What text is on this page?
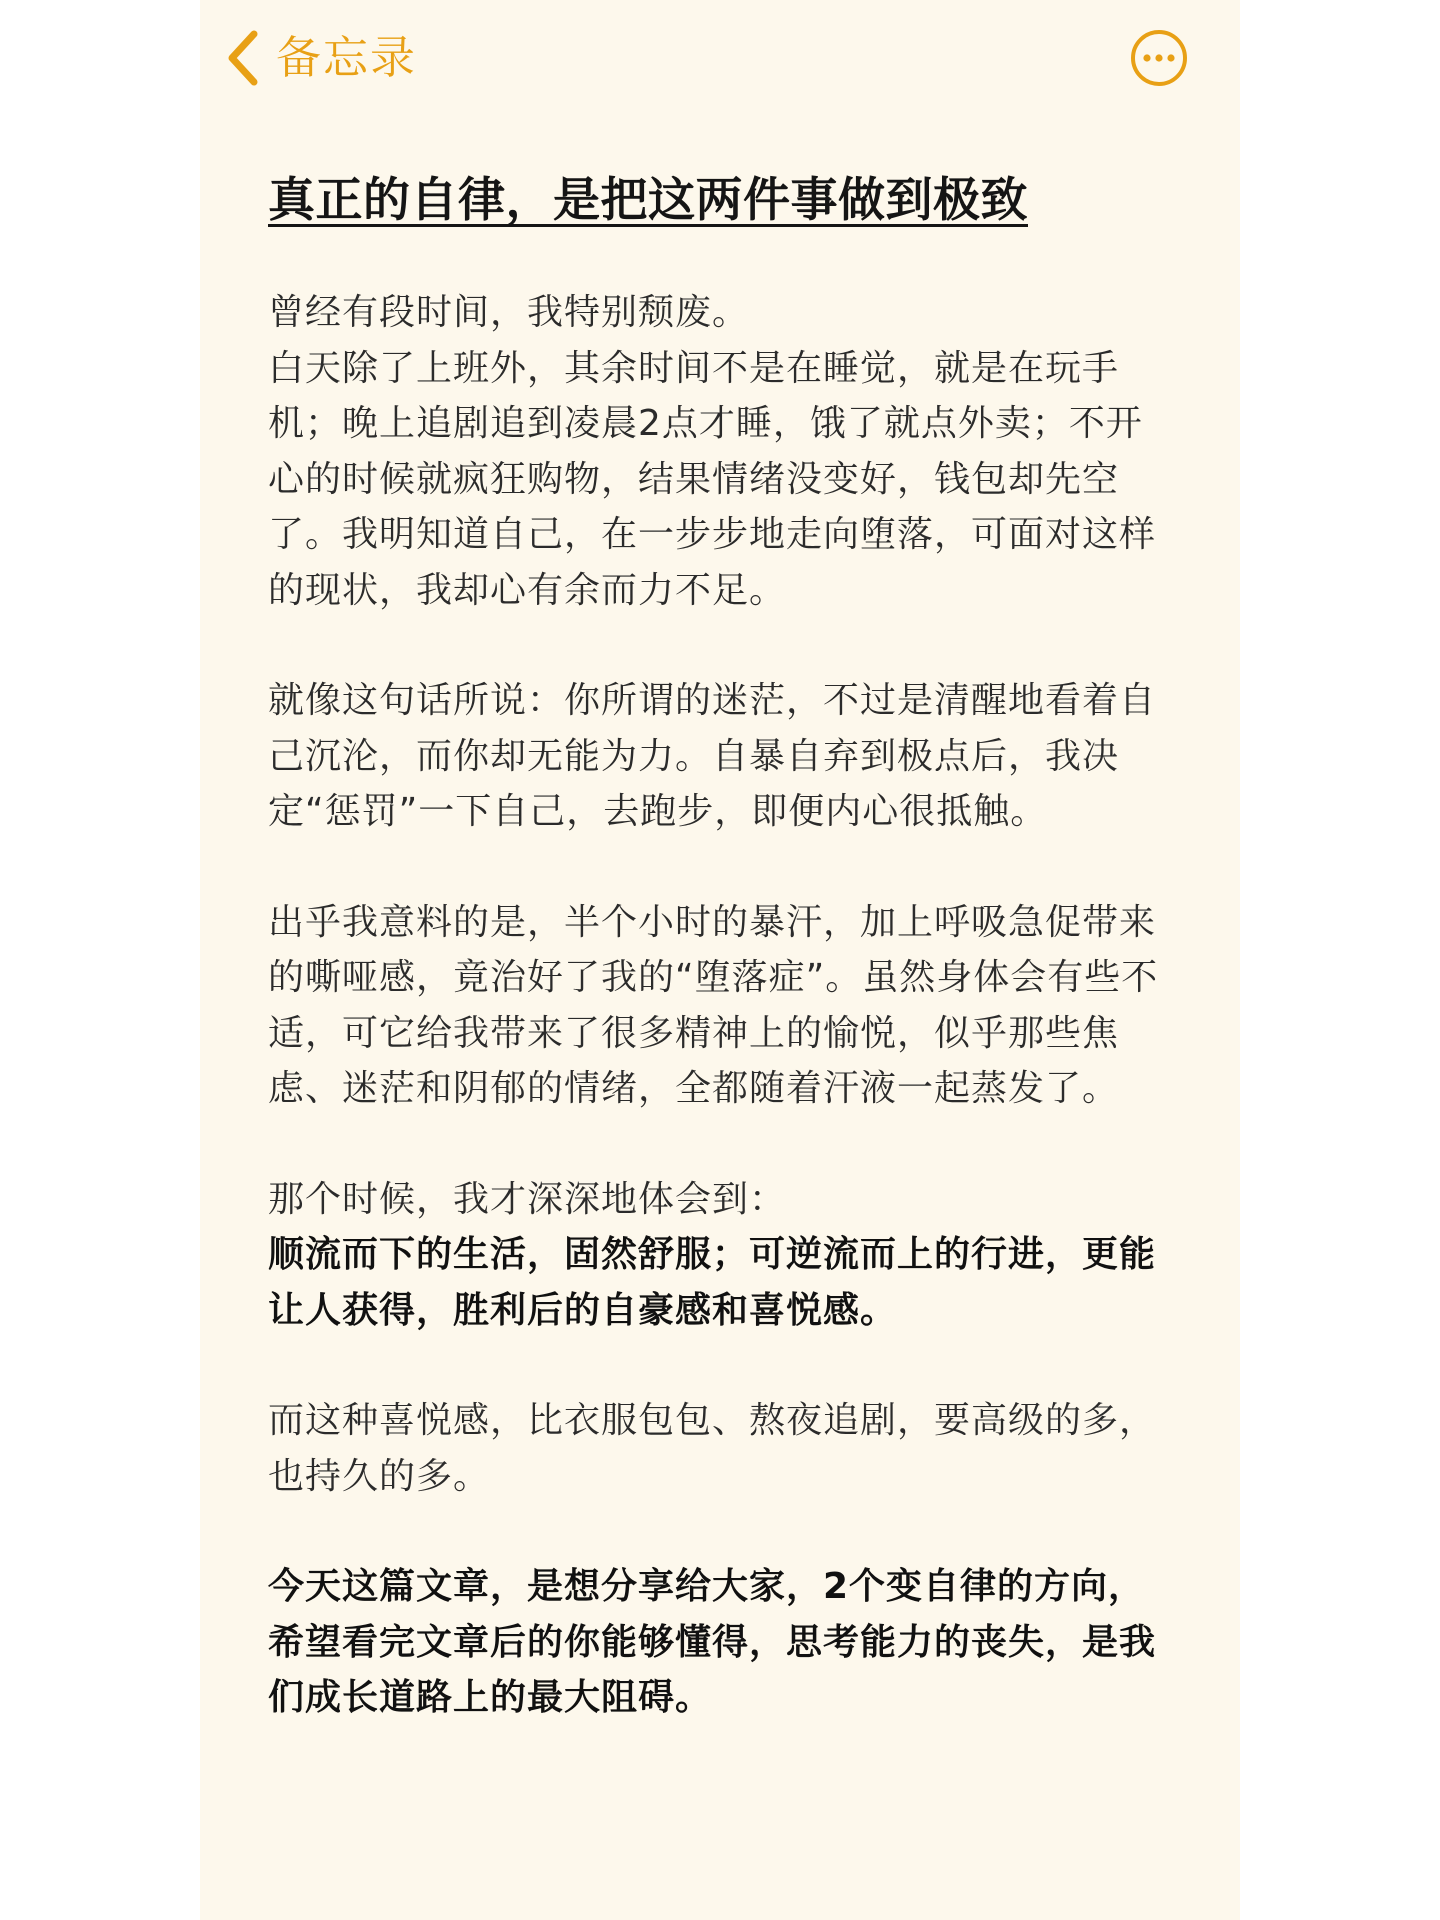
备忘录
真正的自律，是把这两件事做到极致

曾经有段时间，我特别颓废。
白天除了上班外，其余时间不是在睡觉，就是在玩手机；晚上追剧追到凌晨2点才睡，饿了就点外卖；不开心的时候就疯狂购物，结果情绪没变好，钱包却先空了。我明知道自己，在一步步地走向堕落，可面对这样的现状，我却心有余而力不足。

就像这句话所说：你所谓的迷茫，不过是清醒地看着自己沉沦，而你却无能为力。自暴自弃到极点后，我决定“惩罚”一下自己，去跑步，即便内心很抵触。

出乎我意料的是，半个小时的暴汗，加上呼吸急促带来的嘶哑感，竟治好了我的“堕落症”。虽然身体会有些不适，可它给我带来了很多精神上的愉悦，似乎那些焦虑、迷茫和阴郁的情绪，全都随着汗液一起蒸发了。

那个时候，我才深深地体会到：

顺流而下的生活，固然舒服；可逆流而上的行进，更能让人获得，胜利后的自豪感和喜悦感。

而这种喜悦感，比衣服包包、熬夜追剧，要高级的多，也持久的多。

今天这篇文章，是想分享给大家，2个变自律的方向，希望看完文章后的你能够懂得，思考能力的丧失，是我们成长道路上的最大阻碍。
